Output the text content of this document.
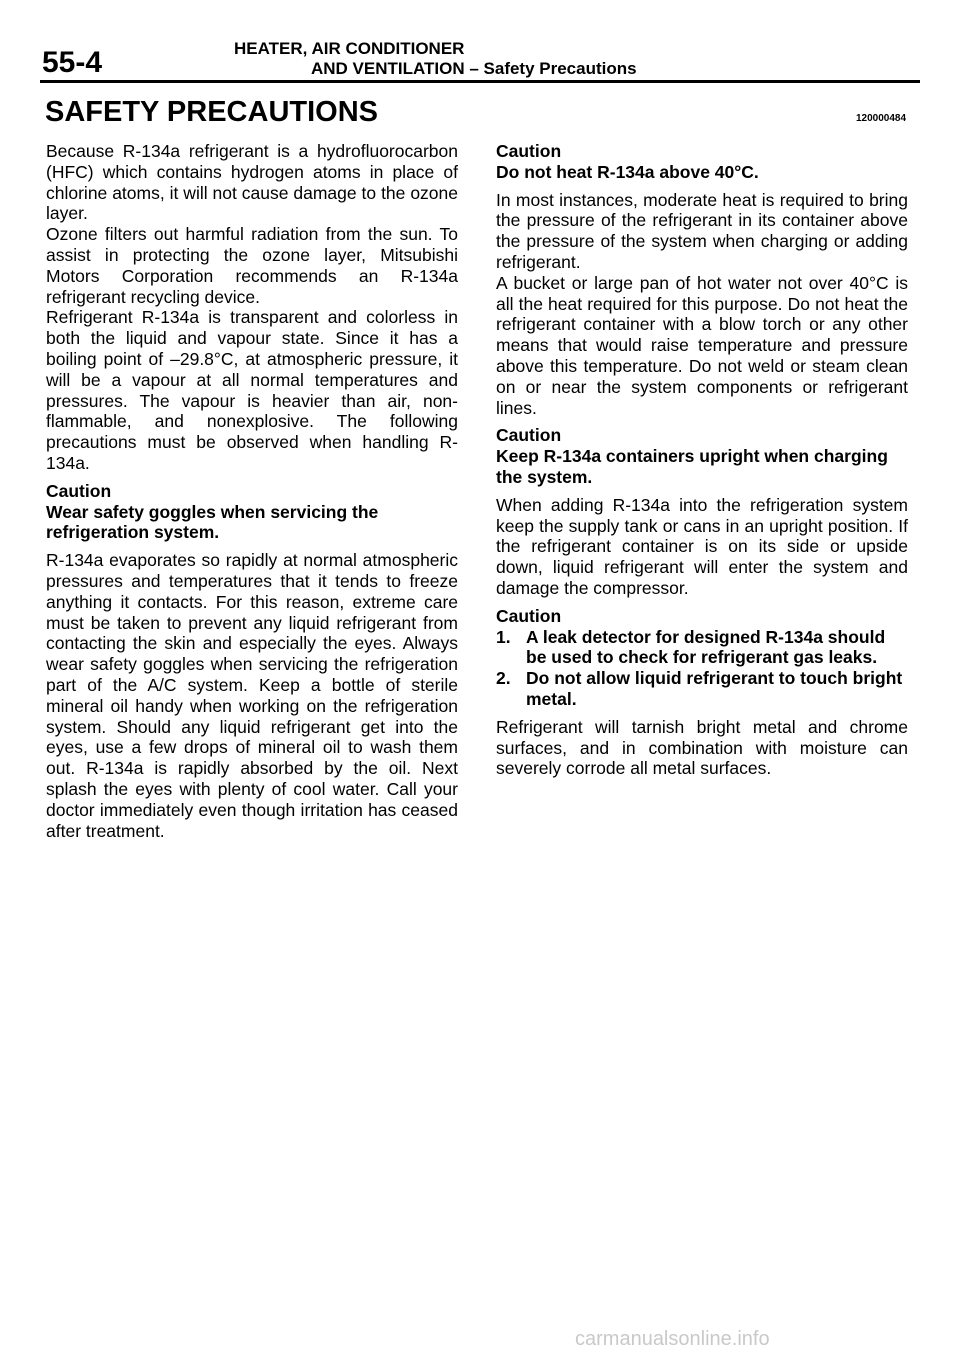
55-4	HEATER, AIR CONDITIONER
AND VENTILATION – Safety Precautions
SAFETY PRECAUTIONS	120000484

Because R-134a refrigerant is a hydrofluorocarbon (HFC) which contains hydrogen atoms in place of chlorine atoms, it will not cause damage to the ozone layer.

Ozone filters out harmful radiation from the sun. To assist in protecting the ozone layer, Mitsubishi Motors Corporation recommends an R-134a refrigerant recycling device.

Refrigerant R-134a is transparent and colorless in both the liquid and vapour state. Since it has a boiling point of –29.8°C, at atmospheric pressure, it will be a vapour at all normal temperatures and pressures. The vapour is heavier than air, non-flammable, and nonexplosive. The following precautions must be observed when handling R-134a.

Caution
Wear safety goggles when servicing the refrigeration system.

R-134a evaporates so rapidly at normal atmospheric pressures and temperatures that it tends to freeze anything it contacts. For this reason, extreme care must be taken to prevent any liquid refrigerant from contacting the skin and especially the eyes. Always wear safety goggles when servicing the refrigeration part of the A/C system. Keep a bottle of sterile mineral oil handy when working on the refrigeration system. Should any liquid refrigerant get into the eyes, use a few drops of mineral oil to wash them out. R-134a is rapidly absorbed by the oil. Next splash the eyes with plenty of cool water. Call your doctor immediately even though irritation has ceased after treatment.

Caution
Do not heat R-134a above 40°C.

In most instances, moderate heat is required to bring the pressure of the refrigerant in its container above the pressure of the system when charging or adding refrigerant.

A bucket or large pan of hot water not over 40°C is all the heat required for this purpose. Do not heat the refrigerant container with a blow torch or any other means that would raise temperature and pressure above this temperature. Do not weld or steam clean on or near the system components or refrigerant lines.

Caution
Keep R-134a containers upright when charging the system.

When adding R-134a into the refrigeration system keep the supply tank or cans in an upright position. If the refrigerant container is on its side or upside down, liquid refrigerant will enter the system and damage the compressor.

Caution
1. A leak detector for designed R-134a should be used to check for refrigerant gas leaks.
2. Do not allow liquid refrigerant to touch bright metal.

Refrigerant will tarnish bright metal and chrome surfaces, and in combination with moisture can severely corrode all metal surfaces.

carmanualsonline.info
